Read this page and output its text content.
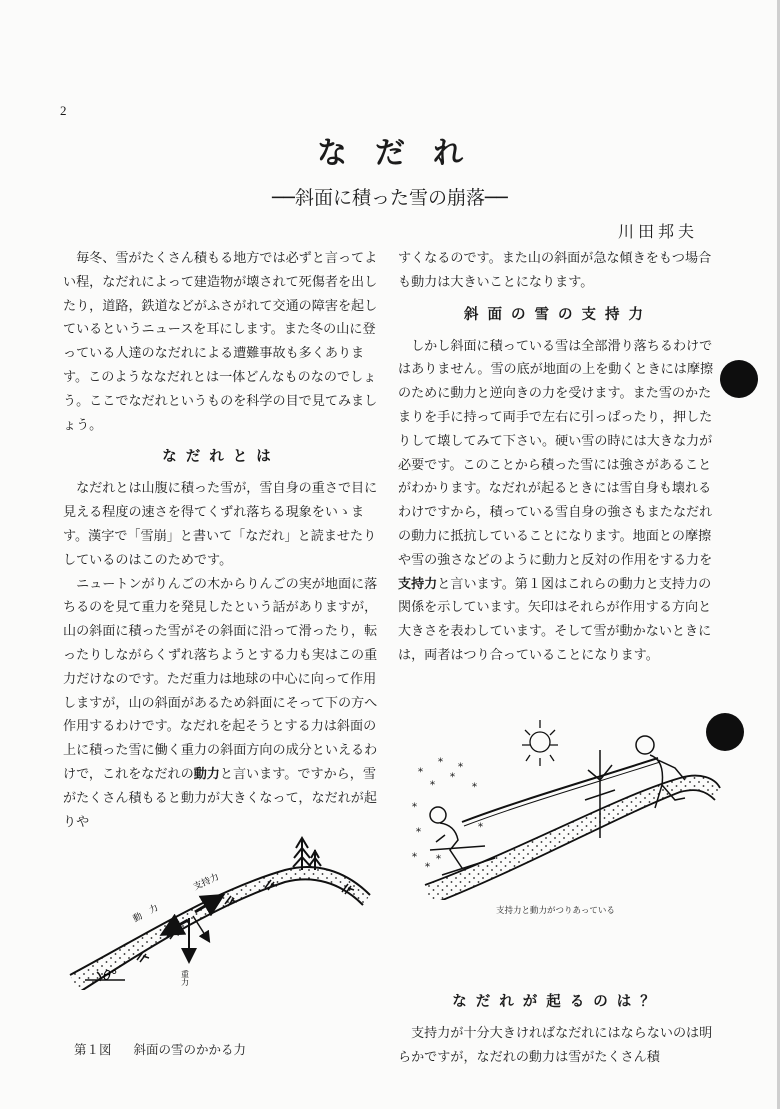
2
なだれ
──斜面に積った雪の崩落──
川田邦夫

毎冬、雪がたくさん積もる地方では必ずと言ってよい程，なだれによって建造物が壊されて死傷者を出したり，道路，鉄道などがふさがれて交通の障害を起しているというニュースを耳にします。また冬の山に登っている人達のなだれによる遭難事故も多くあります。このようななだれとは一体どんなものなのでしょう。ここでなだれというものを科学の目で見てみましょう。

なだれとは

なだれとは山腹に積った雪が，雪自身の重さで目に見える程度の速さを得てくずれ落ちる現象をいゝます。漢字で「雪崩」と書いて「なだれ」と読ませたりしているのはこのためです。

ニュートンがりんごの木からりんごの実が地面に落ちるのを見て重力を発見したという話がありますが，山の斜面に積った雪がその斜面に沿って滑ったり，転ったりしながらくずれ落ちようとする力も実はこの重力だけなのです。ただ重力は地球の中心に向って作用しますが，山の斜面があるため斜面にそって下の方へ作用するわけです。なだれを起そうとする力は斜面の上に積った雪に働く重力の斜面方向の成分といえるわけで，これをなだれの動力と言います。ですから，雪がたくさん積もると動力が大きくなって，なだれが起りや

すくなるのです。また山の斜面が急な傾きをもつ場合も動力は大きいことになります。

斜面の雪の支持力

しかし斜面に積っている雪は全部滑り落ちるわけではありません。雪の底が地面の上を動くときには摩擦のために動力と逆向きの力を受けます。また雪のかたまりを手に持って両手で左右に引っぱったり，押したりして壊してみて下さい。硬い雪の時には大きな力が必要です。このことから積った雪には強さがあることがわかります。なだれが起るときには雪自身も壊れるわけですから，積っている雪自身の強さもまたなだれの動力に抵抗していることになります。地面との摩擦や雪の強さなどのように動力と反対の作用をする力を支持力と言います。第１図はこれらの動力と支持力の関係を示しています。矢印はそれらが作用する方向と大きさを表わしています。そして雪が動かないときには，両者はつり合っていることになります。

θ°
動　力
支持力
重力
第１図 斜面の雪のかかる力
*
* *
*
*
*
*
*	*
*
*
*
支持力と動力がつりあっている

なだれが起るのは？

支持力が十分大きければなだれにはならないのは明らかですが，なだれの動力は雪がたくさん積
